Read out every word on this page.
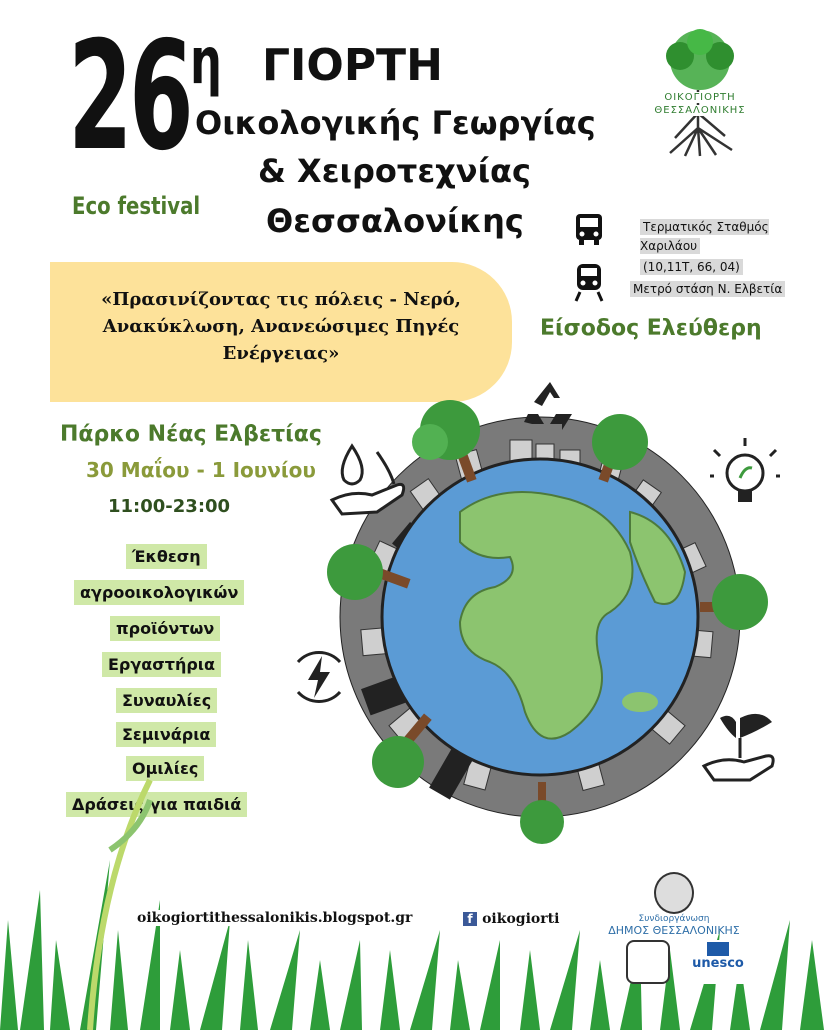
26 η ΓΙΟΡΤΗ
Οικολογικής Γεωργίας
& Χειροτεχνίας
Θεσσαλονίκης
Eco festival
ΟΙΚΟΓΙΟΡΤΗ
ΘΕΣΣΑΛΟΝΙΚΗΣ
Τερματικός Σταθμός Χαριλάου
(10,11Τ, 66, 04)
Μετρό στάση Ν. Ελβετία
Είσοδος Ελεύθερη
«Πρασινίζοντας τις πόλεις - Νερό,
Ανακύκλωση, Ανανεώσιμες Πηγές
Ενέργειας»
Πάρκο Νέας Ελβετίας
30 Μαΐου - 1 Ιουνίου
11:00-23:00
Έκθεση
αγροοικολογικών
προϊόντων
Εργαστήρια
Συναυλίες
Σεμινάρια
Ομιλίες
Δράσεις για παιδιά
oikogiortithessalonikis.blogspot.gr	f oikogiorti	Συνδιοργάνωση
ΔΗΜΟΣ ΘΕΣΣΑΛΟΝΙΚΗΣ
unesco
